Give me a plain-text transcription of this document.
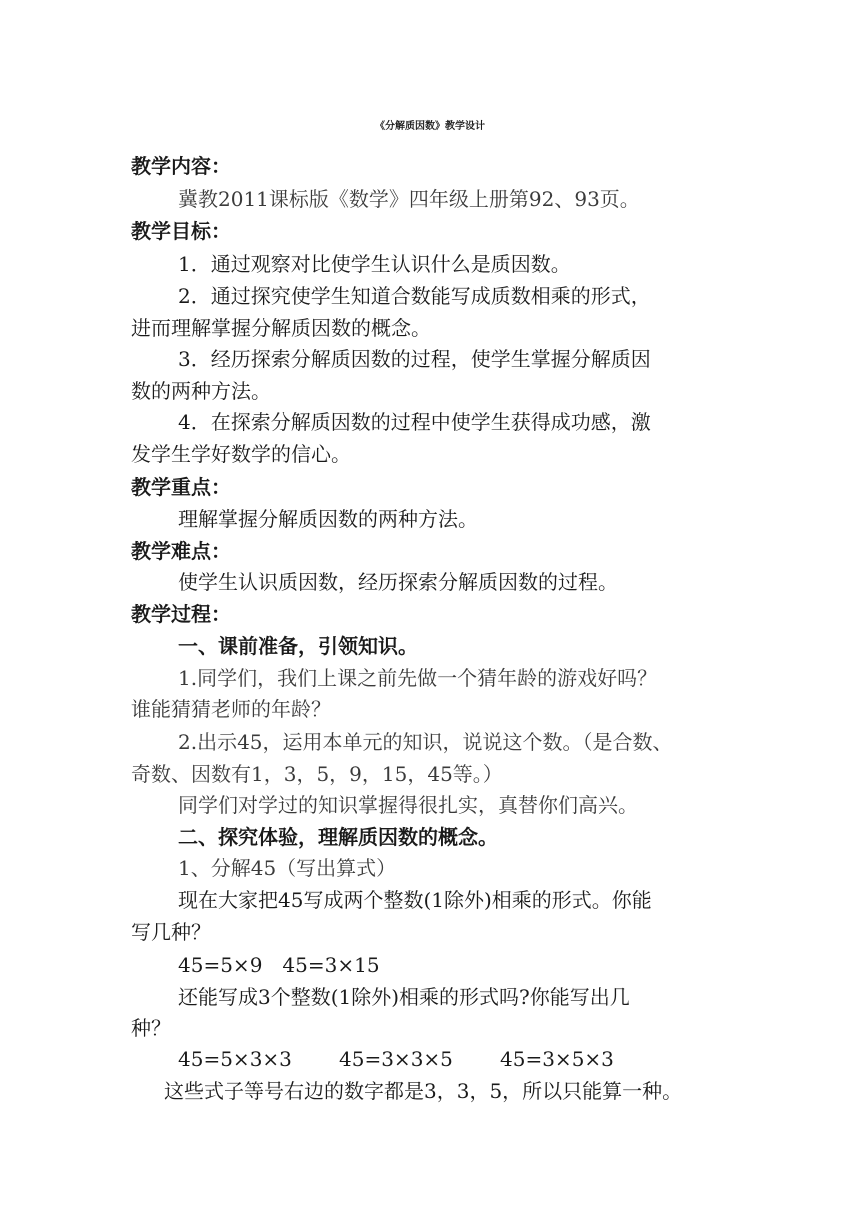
《分解质因数》教学设计
教学内容：
冀教2011课标版《数学》四年级上册第92、93页。
教学目标：
1．通过观察对比使学生认识什么是质因数。
2．通过探究使学生知道合数能写成质数相乘的形式，
进而理解掌握分解质因数的概念。
3．经历探索分解质因数的过程，使学生掌握分解质因
数的两种方法。
4．在探索分解质因数的过程中使学生获得成功感，激
发学生学好数学的信心。
教学重点：
理解掌握分解质因数的两种方法。
教学难点：
使学生认识质因数，经历探索分解质因数的过程。
教学过程：
一、课前准备，引领知识。
1.同学们，我们上课之前先做一个猜年龄的游戏好吗？
谁能猜猜老师的年龄？
2.出示45，运用本单元的知识，说说这个数。（是合数、
奇数、因数有1，3，5，9，15，45等。）
同学们对学过的知识掌握得很扎实，真替你们高兴。
二、探究体验，理解质因数的概念。
1、分解45（写出算式）
现在大家把45写成两个整数(1除外)相乘的形式。你能
写几种？
45=5×9　45=3×15
还能写成3个整数(1除外)相乘的形式吗?你能写出几
种？
45=5×3×3 45=3×3×5 45=3×5×3
这些式子等号右边的数字都是3，3，5，所以只能算一种。
